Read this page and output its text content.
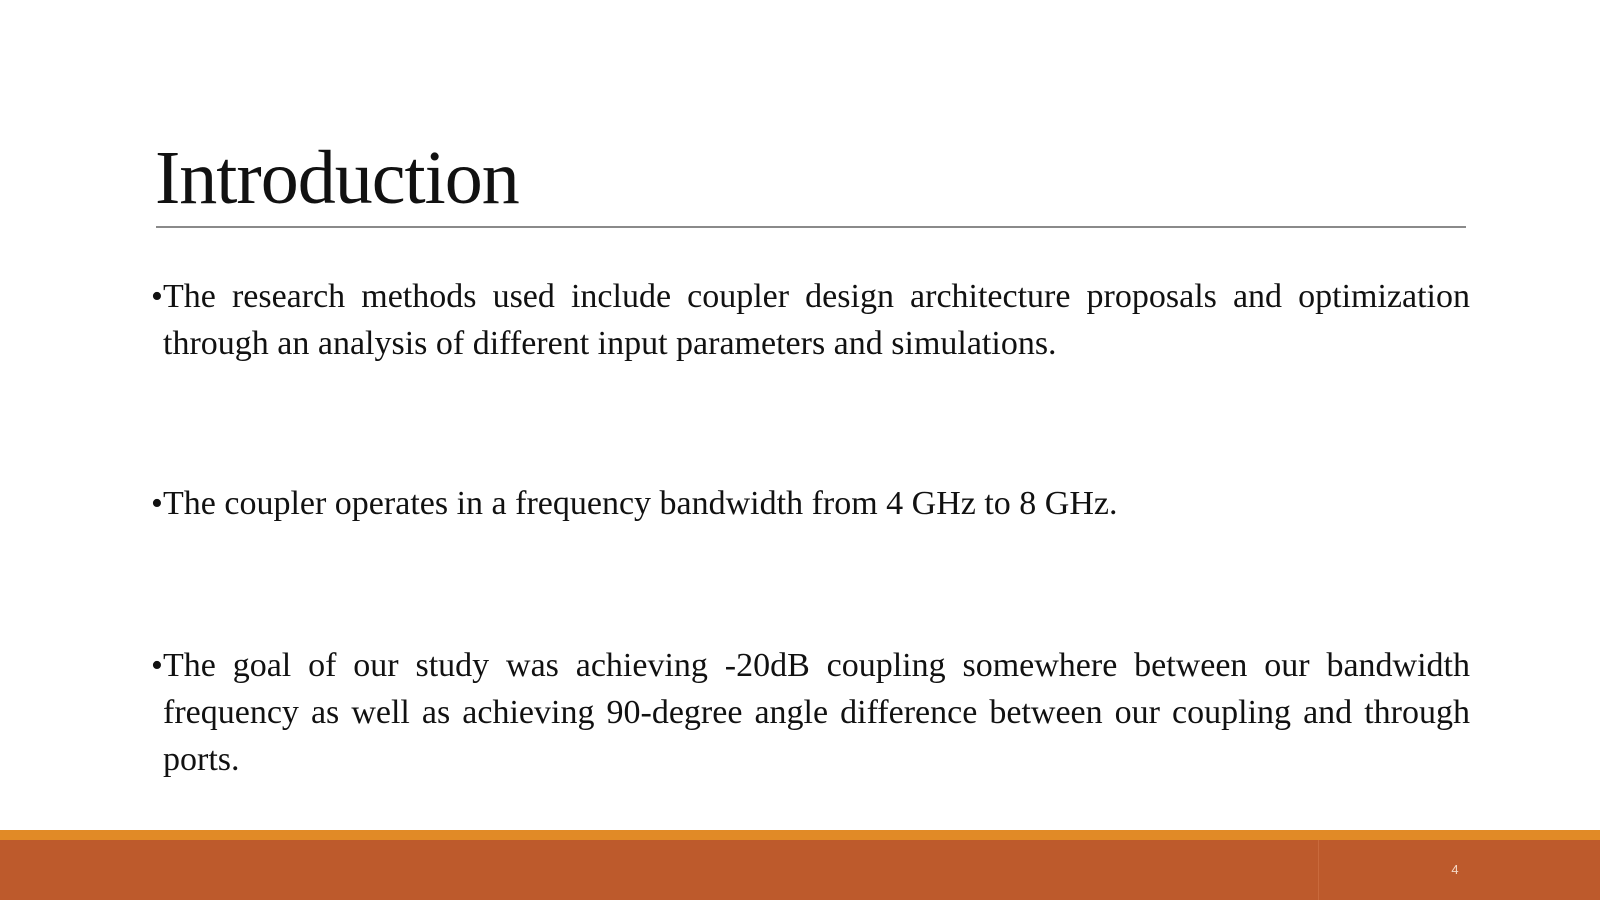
Introduction
• The research methods used include coupler design architecture proposals and optimization through an analysis of different input parameters and simulations.
• The coupler operates in a frequency bandwidth from 4 GHz to 8 GHz.
• The goal of our study was achieving -20dB coupling somewhere between our bandwidth frequency as well as achieving 90-degree angle difference between our coupling and through ports.
4
